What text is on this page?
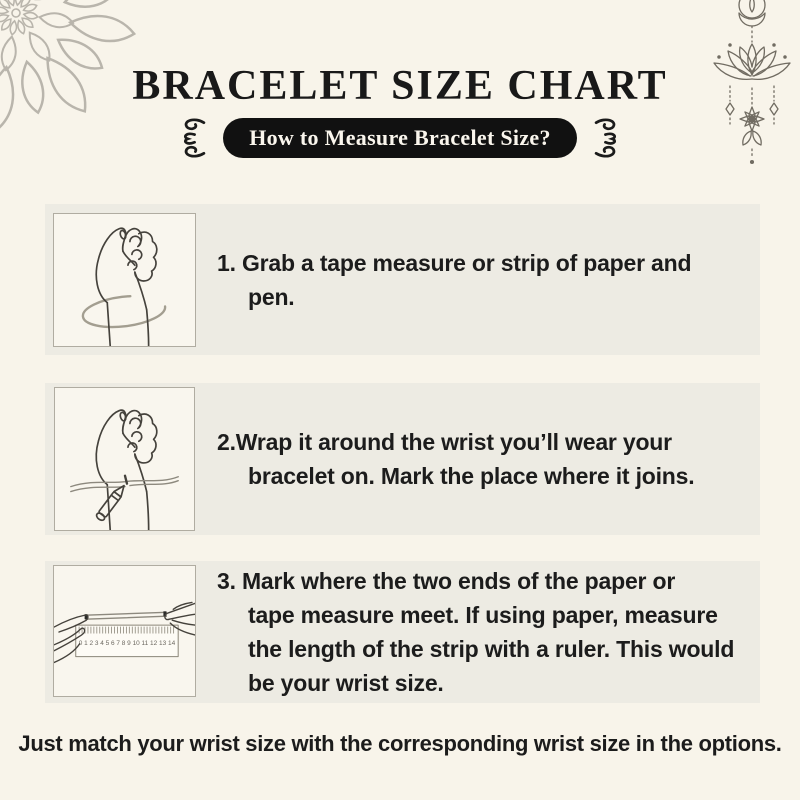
BRACELET SIZE CHART
How to Measure Bracelet Size?
1. Grab a tape measure or strip of paper and
pen.
2.Wrap it around the wrist you’ll wear your
bracelet on. Mark the place where it joins.
0 1 2 3 4 5 6 7 8 9 10 11 12 13 14
3. Mark where the two ends of the paper or
tape measure meet. If using paper, measure
the length of the strip with a ruler. This would
be your wrist size.
Just match your wrist size with the corresponding wrist size in the options.
